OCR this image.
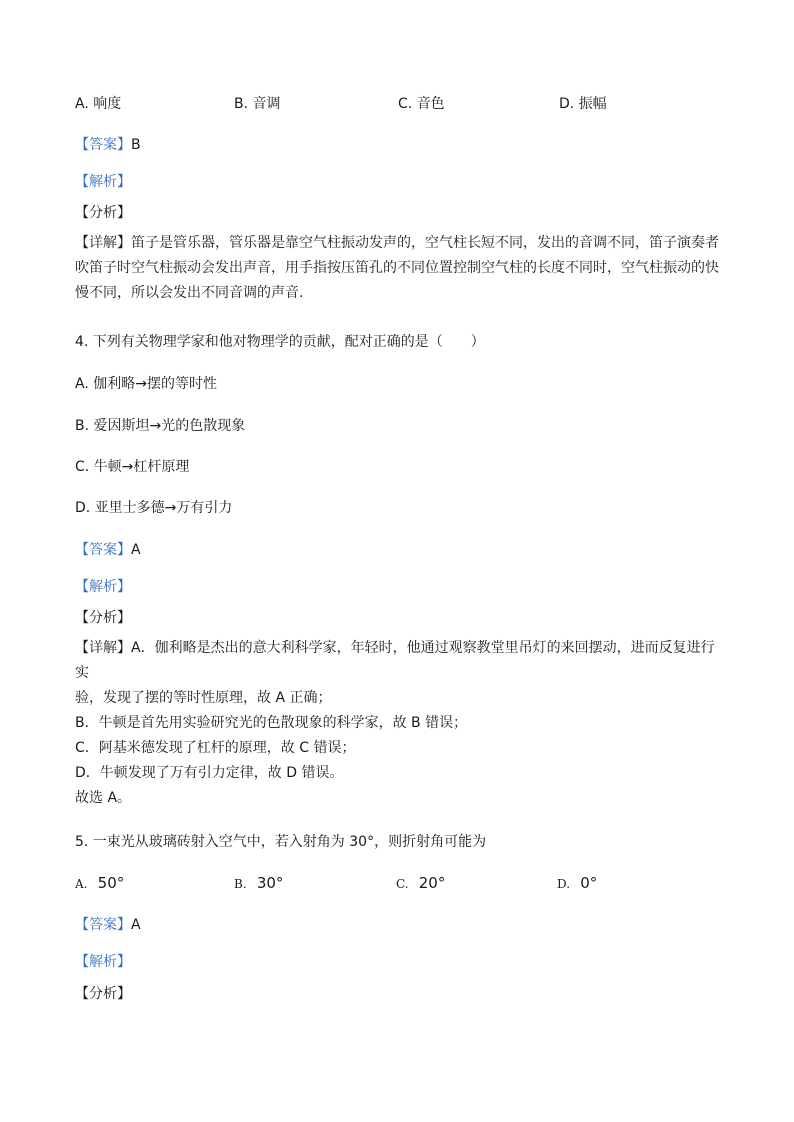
A. 响度	B. 音调	C. 音色	D. 振幅
【答案】B
【解析】
【分析】
【详解】笛子是管乐器，管乐器是靠空气柱振动发声的，空气柱长短不同，发出的音调不同，笛子演奏者
吹笛子时空气柱振动会发出声音，用手指按压笛孔的不同位置控制空气柱的长度不同时，空气柱振动的快
慢不同，所以会发出不同音调的声音.
4. 下列有关物理学家和他对物理学的贡献，配对正确的是（　　）
A. 伽利略→摆的等时性
B. 爱因斯坦→光的色散现象
C. 牛顿→杠杆原理
D. 亚里士多德→万有引力
【答案】A
【解析】
【分析】
【详解】A．伽利略是杰出的意大利科学家，年轻时，他通过观察教堂里吊灯的来回摆动，进而反复进行实
验，发现了摆的等时性原理，故 A 正确；
B．牛顿是首先用实验研究光的色散现象的科学家，故 B 错误；
C．阿基米德发现了杠杆的原理，故 C 错误；
D．牛顿发现了万有引力定律，故 D 错误。
故选 A。
5. 一束光从玻璃砖射入空气中，若入射角为 30°，则折射角可能为
A. 50°	B. 30°	C. 20°	D. 0°
【答案】A
【解析】
【分析】
